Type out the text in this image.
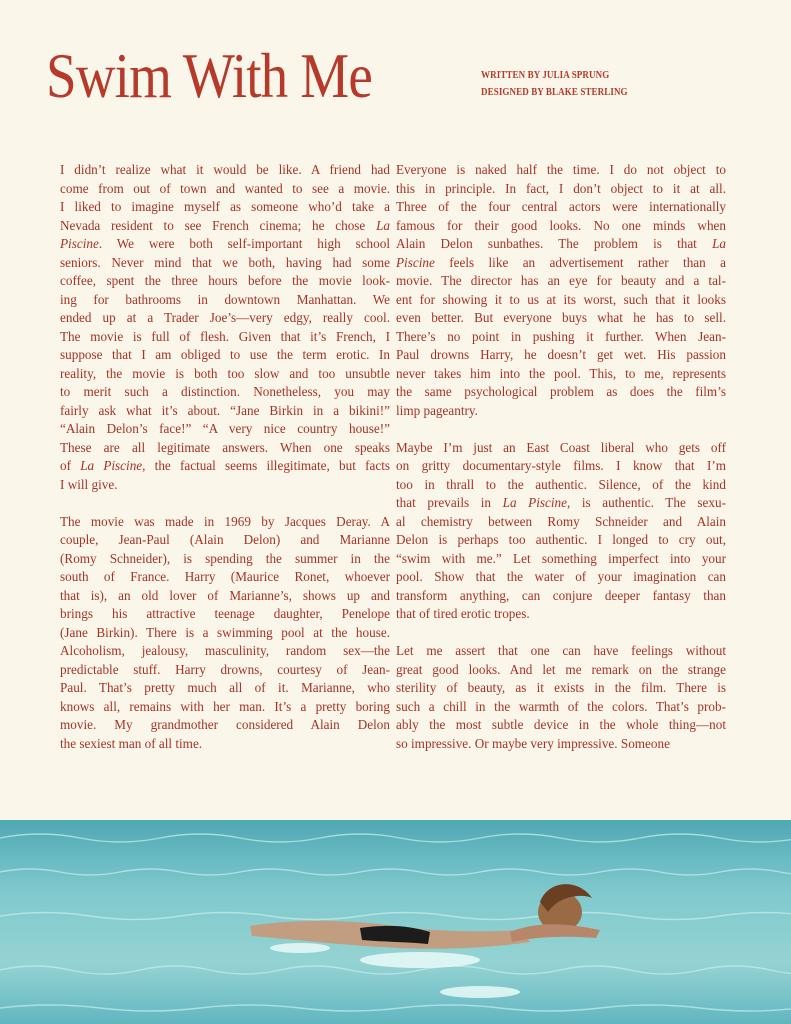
Swim With Me	WRITTEN BY JULIA SPRUNG
DESIGNED BY BLAKE STERLING

I didn’t realize what it would be like. A friend had
come from out of town and wanted to see a movie.
I liked to imagine myself as someone who’d take a
Nevada resident to see French cinema; he chose La
Piscine. We were both self-important high school
seniors. Never mind that we both, having had some
coffee, spent the three hours before the movie look-
ing for bathrooms in downtown Manhattan. We
ended up at a Trader Joe’s—very edgy, really cool.
The movie is full of flesh. Given that it’s French, I
suppose that I am obliged to use the term erotic. In
reality, the movie is both too slow and too unsubtle
to merit such a distinction. Nonetheless, you may
fairly ask what it’s about. “Jane Birkin in a bikini!”
“Alain Delon’s face!” “A very nice country house!”
These are all legitimate answers. When one speaks
of La Piscine, the factual seems illegitimate, but facts
I will give.

The movie was made in 1969 by Jacques Deray. A
couple, Jean-Paul (Alain Delon) and Marianne
(Romy Schneider), is spending the summer in the
south of France. Harry (Maurice Ronet, whoever
that is), an old lover of Marianne’s, shows up and
brings his attractive teenage daughter, Penelope
(Jane Birkin). There is a swimming pool at the house.
Alcoholism, jealousy, masculinity, random sex—the
predictable stuff. Harry drowns, courtesy of Jean-
Paul. That’s pretty much all of it. Marianne, who
knows all, remains with her man. It’s a pretty boring
movie. My grandmother considered Alain Delon
the sexiest man of all time.

Everyone is naked half the time. I do not object to
this in principle. In fact, I don’t object to it at all.
Three of the four central actors were internationally
famous for their good looks. No one minds when
Alain Delon sunbathes. The problem is that La
Piscine feels like an advertisement rather than a
movie. The director has an eye for beauty and a tal-
ent for showing it to us at its worst, such that it looks
even better. But everyone buys what he has to sell.
There’s no point in pushing it further. When Jean-
Paul drowns Harry, he doesn’t get wet. His passion
never takes him into the pool. This, to me, represents
the same psychological problem as does the film’s
limp pageantry.

Maybe I’m just an East Coast liberal who gets off
on gritty documentary-style films. I know that I’m
too in thrall to the authentic. Silence, of the kind
that prevails in La Piscine, is authentic. The sexu-
al chemistry between Romy Schneider and Alain
Delon is perhaps too authentic. I longed to cry out,
“swim with me.” Let something imperfect into your
pool. Show that the water of your imagination can
transform anything, can conjure deeper fantasy than
that of tired erotic tropes.

Let me assert that one can have feelings without
great good looks. And let me remark on the strange
sterility of beauty, as it exists in the film. There is
such a chill in the warmth of the colors. That’s prob-
ably the most subtle device in the whole thing—not
so impressive. Or maybe very impressive. Someone
